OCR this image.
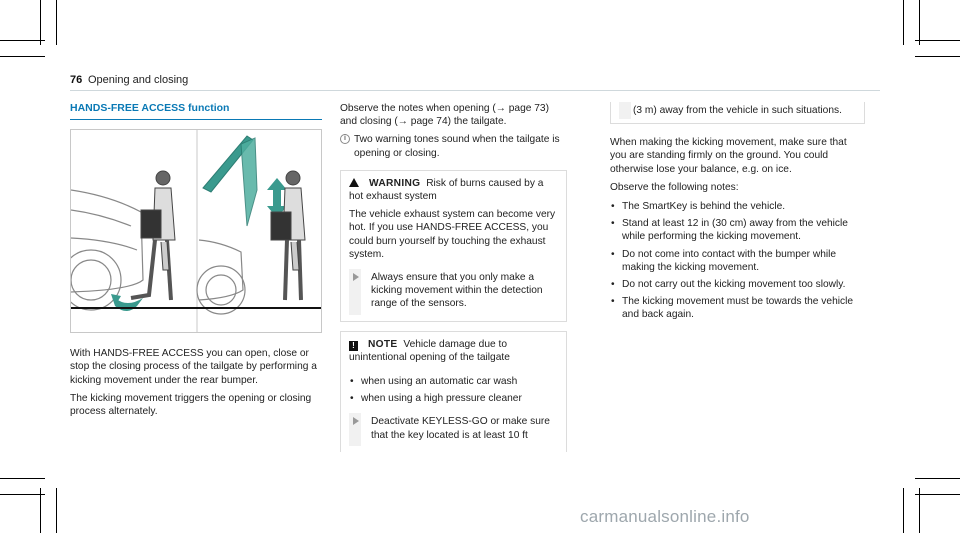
76 Opening and closing
HANDS-FREE ACCESS function

With HANDS-FREE ACCESS you can open, close or stop the closing process of the tailgate by performing a kicking movement under the rear bumper.

The kicking movement triggers the opening or closing process alternately.

Observe the notes when opening (→ page 73) and closing (→ page 74) the tailgate.

i Two warning tones sound when the tailgate is opening or closing.
WARNING Risk of burns caused by a hot exhaust system

The vehicle exhaust system can become very hot. If you use HANDS-FREE ACCESS, you could burn yourself by touching the exhaust system.

Always ensure that you only make a kicking movement within the detection range of the sensors.
! NOTE Vehicle damage due to unintentional opening of the tailgate
• when using an automatic car wash
• when using a high pressure cleaner
Deactivate KEYLESS-GO or make sure that the key located is at least 10 ft
(3 m) away from the vehicle in such situations.

When making the kicking movement, make sure that you are standing firmly on the ground. You could otherwise lose your balance, e.g. on ice.

Observe the following notes:

• The SmartKey is behind the vehicle.
• Stand at least 12 in (30 cm) away from the vehicle while performing the kicking movement.
• Do not come into contact with the bumper while making the kicking movement.
• Do not carry out the kicking movement too slowly.
• The kicking movement must be towards the vehicle and back again.
carmanualsonline.info
